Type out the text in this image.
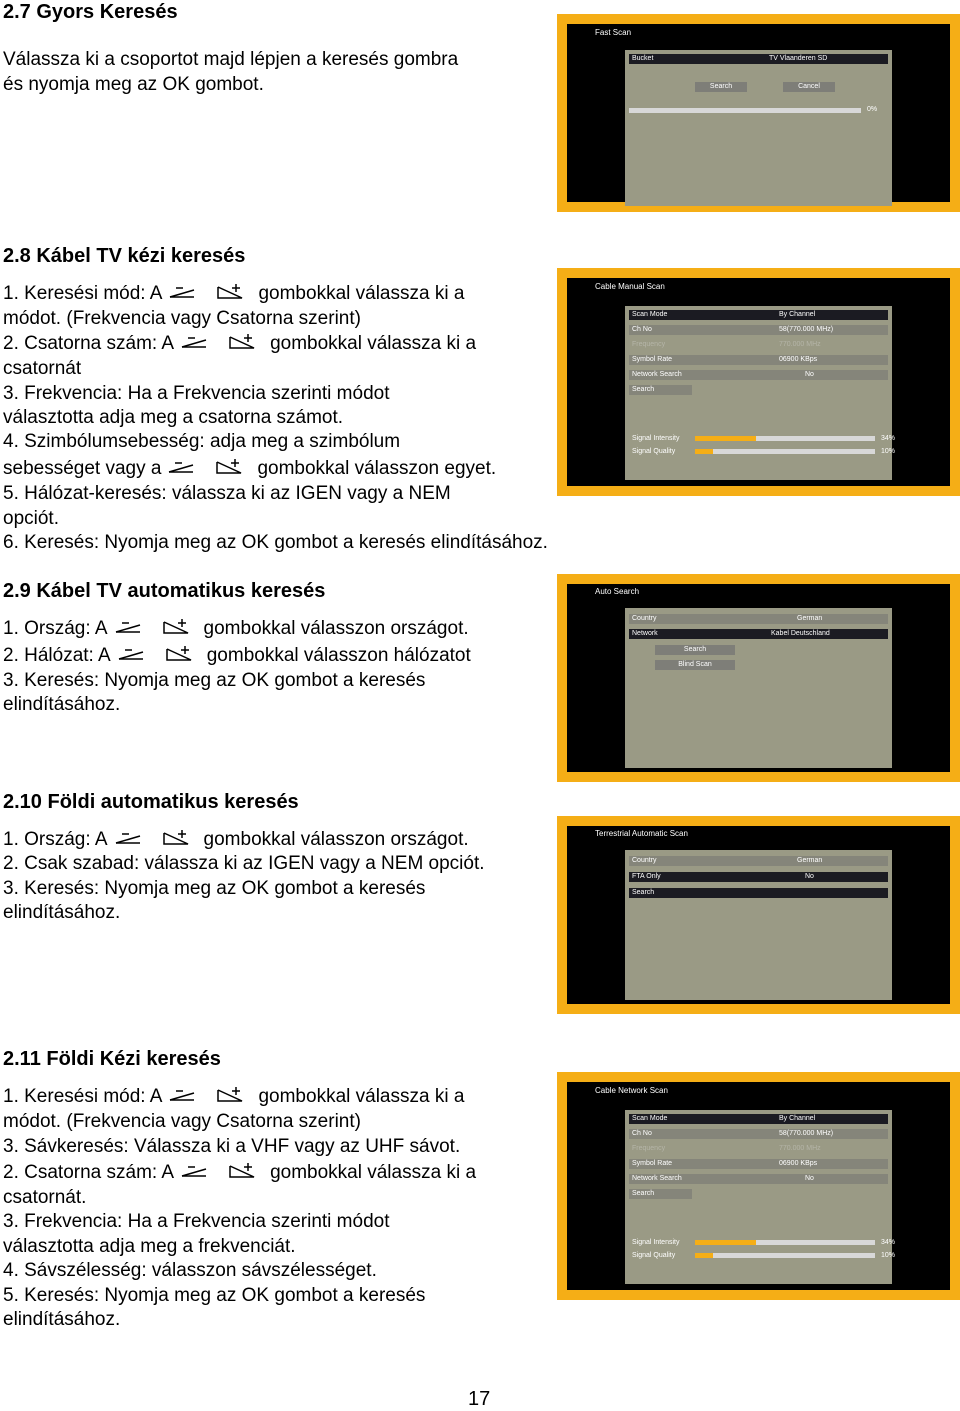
2.7 Gyors Keresés
Válassza ki a csoportot majd lépjen a keresés gombra
és nyomja meg az OK gombot.
Fast Scan
Bucket	TV Vlaanderen SD
Search	Cancel
0%
2.8 Kábel TV kézi keresés
1. Keresési mód: A	gombokkal válassza ki a
módot. (Frekvencia vagy Csatorna szerint)
2. Csatorna szám: A	gombokkal válassza ki a
csatornát
3. Frekvencia: Ha a Frekvencia szerinti módot
választotta adja meg a csatorna számot.
4. Szimbólumsebesség: adja meg a szimbólum
sebességet vagy a	gombokkal válasszon egyet.
5. Hálózat-keresés: válassza ki az IGEN vagy a NEM
opciót.
6. Keresés: Nyomja meg az OK gombot a keresés elindításához.
Cable Manual Scan
Scan Mode	By Channel
Ch No	58(770.000 MHz)
Frequency	770.000 MHz
Symbol Rate	06900 KBps
Network Search	No
Search
Signal Intensity	34%
Signal Quality	10%
2.9 Kábel TV automatikus keresés
1. Ország: A	gombokkal válasszon országot.
2. Hálózat: A	gombokkal válasszon hálózatot
3. Keresés: Nyomja meg az OK gombot a keresés
elindításához.
Auto Search
Country	German
Network	Kabel Deutschland
Search
Blind Scan
2.10 Földi automatikus keresés
1. Ország: A	gombokkal válasszon országot.
2. Csak szabad: válassza ki az IGEN vagy a NEM opciót.
3. Keresés: Nyomja meg az OK gombot a keresés
elindításához.
Terrestrial Automatic Scan
Country	German
FTA Only	No
Search
2.11 Földi Kézi keresés
1. Keresési mód: A	gombokkal válassza ki a
módot. (Frekvencia vagy Csatorna szerint)
3. Sávkeresés: Válassza ki a VHF vagy az UHF sávot.
2. Csatorna szám: A	gombokkal válassza ki a
csatornát.
3. Frekvencia: Ha a Frekvencia szerinti módot
választotta adja meg a frekvenciát.
4. Sávszélesség: válasszon sávszélességet.
5. Keresés: Nyomja meg az OK gombot a keresés
elindításához.
Cable Network Scan
Scan Mode	By Channel
Ch No	58(770.000 MHz)
Frequency	770.000 MHz
Symbol Rate	06900 KBps
Network Search	No
Search
Signal Intensity	34%
Signal Quality	10%
17
